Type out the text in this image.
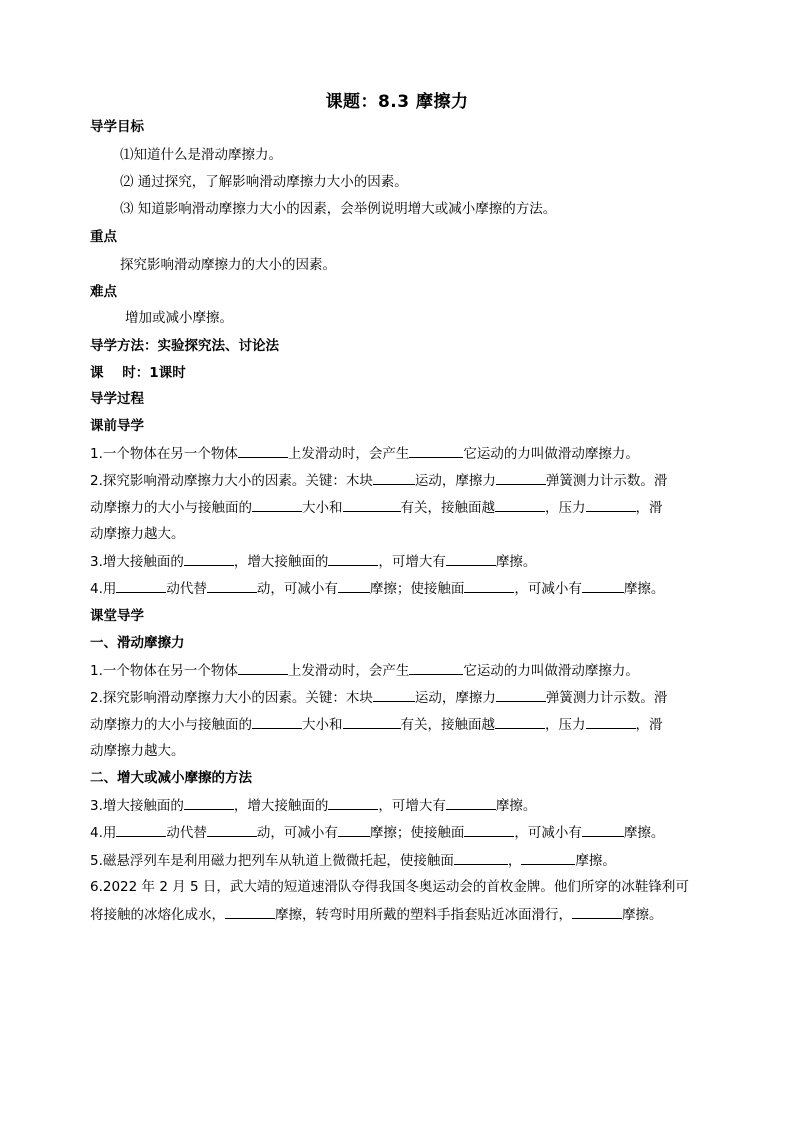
课题：8.3 摩擦力
导学目标
⑴知道什么是滑动摩擦力。
⑵ 通过探究，了解影响滑动摩擦力大小的因素。
⑶ 知道影响滑动摩擦力大小的因素，会举例说明增大或减小摩擦的方法。
重点
探究影响滑动摩擦力的大小的因素。
难点
增加或减小摩擦。
导学方法：实验探究法、讨论法
课    时：1课时
导学过程
课前导学
1.一个物体在另一个物体	上发滑动时，会产生	它运动的力叫做滑动摩擦力。
2.探究影响滑动摩擦力大小的因素。关键：木块	运动，摩擦力	弹簧测力计示数。滑
动摩擦力的大小与接触面的	大小和	有关，接触面越	，压力	，滑
动摩擦力越大。
3.增大接触面的	，增大接触面的	，可增大有	摩擦。
4.用	动代替	动，可减小有 摩擦；使接触面	，可减小有	摩擦。
课堂导学
一、滑动摩擦力
1.一个物体在另一个物体	上发滑动时，会产生	它运动的力叫做滑动摩擦力。
2.探究影响滑动摩擦力大小的因素。关键：木块	运动，摩擦力	弹簧测力计示数。滑
动摩擦力的大小与接触面的	大小和	有关，接触面越	，压力	，滑
动摩擦力越大。
二、增大或减小摩擦的方法
3.增大接触面的	，增大接触面的	，可增大有	摩擦。
4.用	动代替	动，可减小有 摩擦；使接触面	，可减小有	摩擦。
5.磁悬浮列车是利用磁力把列车从轨道上微微托起，使接触面	，	摩擦。
6.2022 年 2 月 5 日，武大靖的短道速滑队夺得我国冬奥运动会的首枚金牌。他们所穿的冰鞋锋利可
将接触的冰熔化成水，	摩擦，转弯时用所戴的塑料手指套贴近冰面滑行，	摩擦。
